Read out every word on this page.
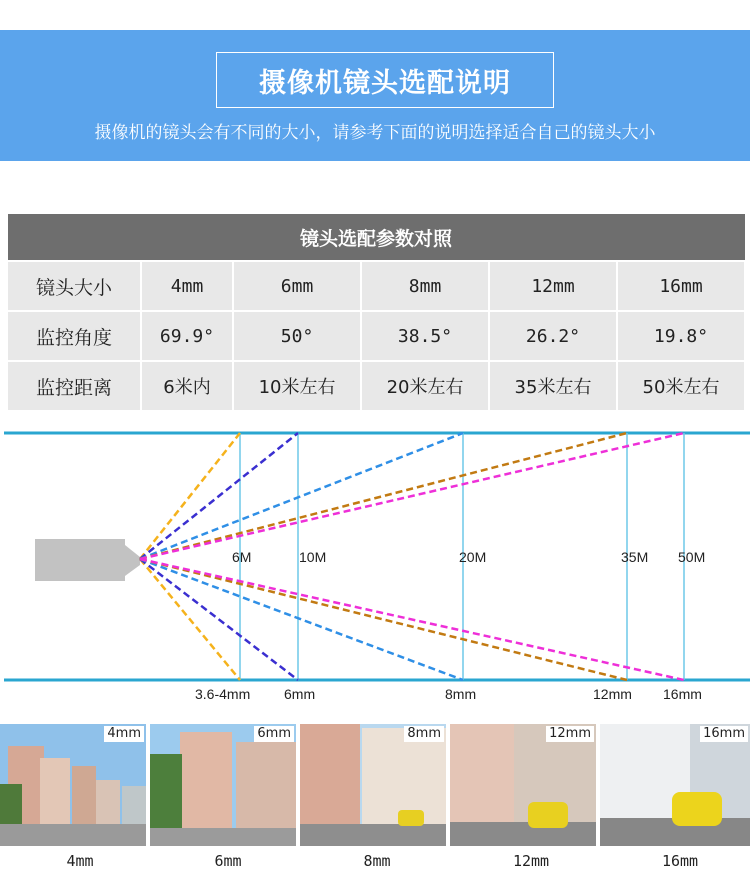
摄像机镜头选配说明
摄像机的镜头会有不同的大小，请参考下面的说明选择适合自己的镜头大小
镜头选配参数对照					
镜头大小	4mm	6mm	8mm	12mm	16mm
监控角度	69.9°	50°	38.5°	26.2°	19.8°
监控距离	6米内	10米左右	20米左右	35米左右	50米左右
6M	10M	20M	35M 50M
3.6-4mm 6mm	8mm	12mm 16mm
4mm	6mm	8mm	12mm	16mm
4mm	6mm	8mm	12mm	16mm
